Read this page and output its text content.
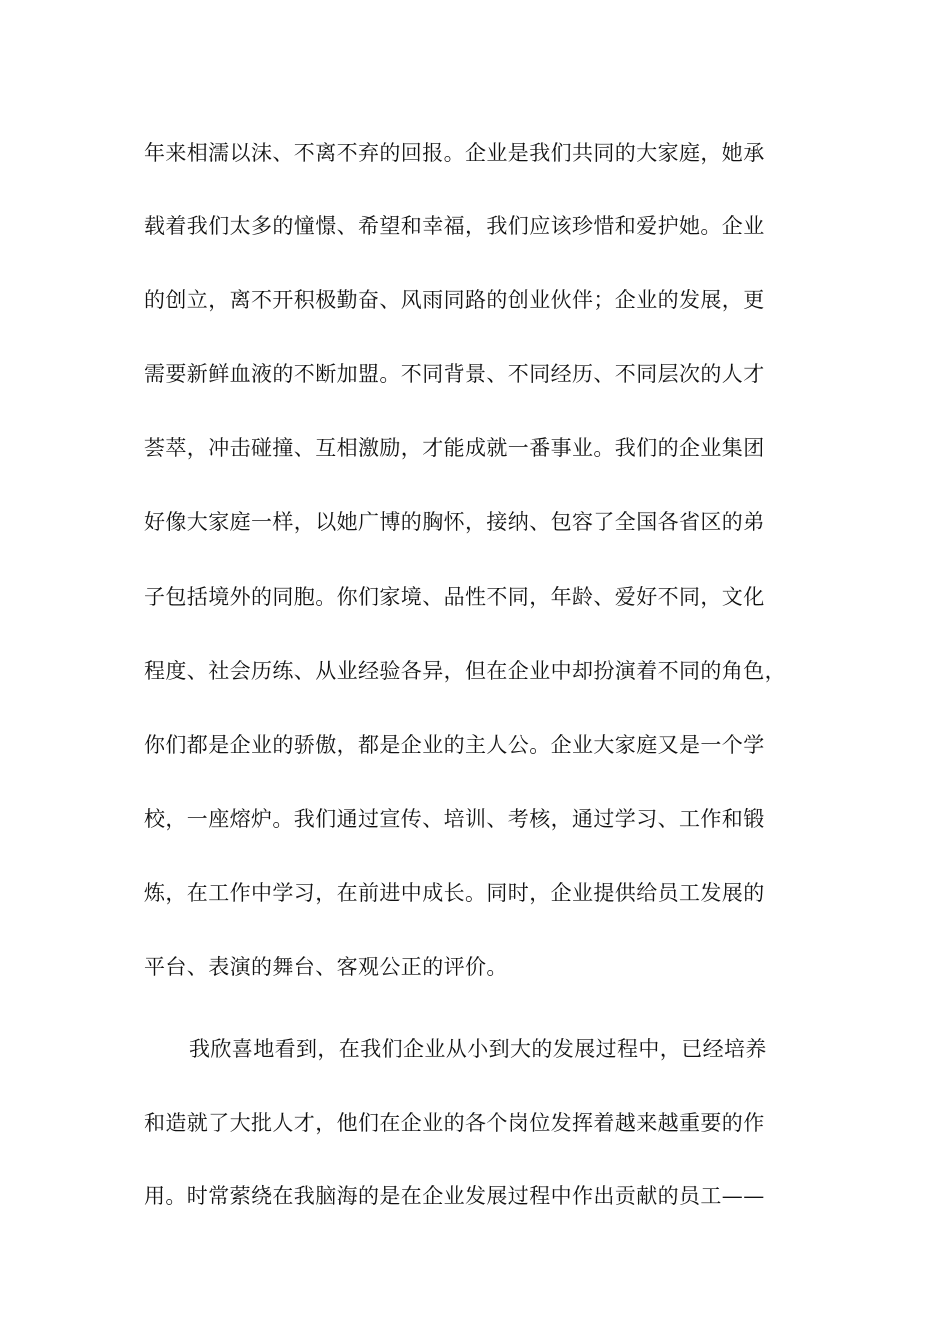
年来相濡以沫、不离不弃的回报。企业是我们共同的大家庭，她承
载着我们太多的憧憬、希望和幸福，我们应该珍惜和爱护她。企业
的创立，离不开积极勤奋、风雨同路的创业伙伴；企业的发展，更
需要新鲜血液的不断加盟。不同背景、不同经历、不同层次的人才
荟萃，冲击碰撞、互相激励，才能成就一番事业。我们的企业集团
好像大家庭一样，以她广博的胸怀，接纳、包容了全国各省区的弟
子包括境外的同胞。你们家境、品性不同，年龄、爱好不同，文化
程度、社会历练、从业经验各异，但在企业中却扮演着不同的角色，
你们都是企业的骄傲，都是企业的主人公。企业大家庭又是一个学
校，一座熔炉。我们通过宣传、培训、考核，通过学习、工作和锻
炼，在工作中学习，在前进中成长。同时，企业提供给员工发展的
平台、表演的舞台、客观公正的评价。
我欣喜地看到，在我们企业从小到大的发展过程中，已经培养
和造就了大批人才，他们在企业的各个岗位发挥着越来越重要的作
用。时常萦绕在我脑海的是在企业发展过程中作出贡献的员工——
